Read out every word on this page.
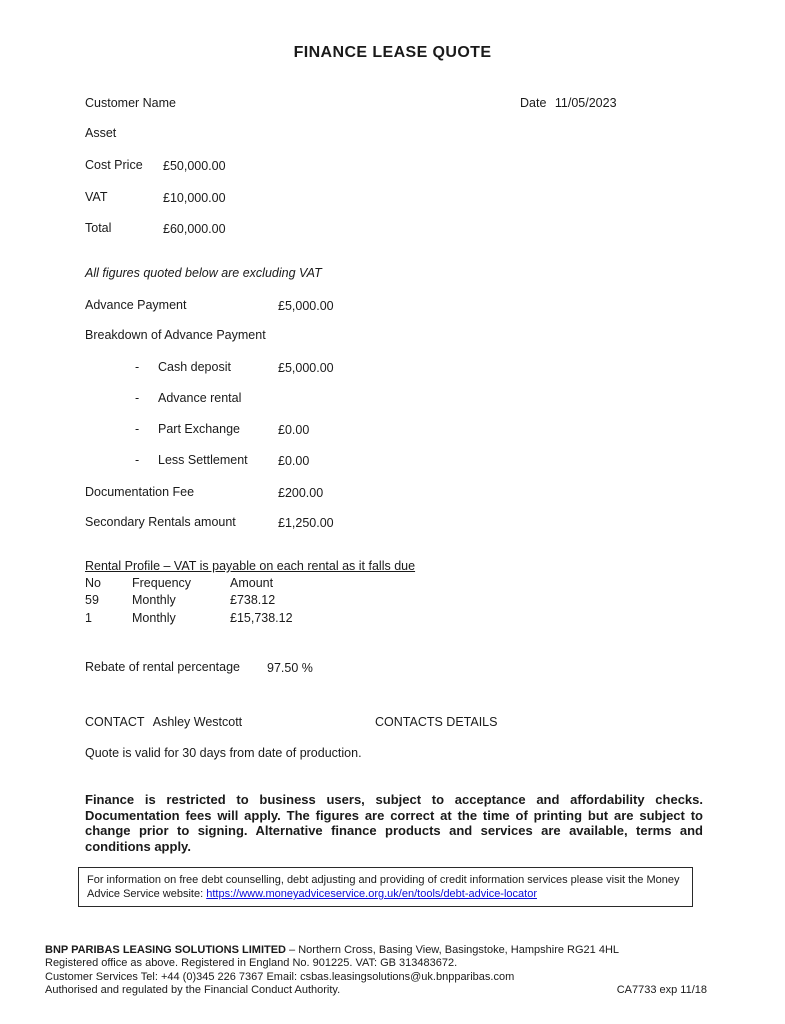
FINANCE LEASE QUOTE
Customer Name	Date 11/05/2023
Asset
Cost Price £50,000.00
VAT	£10,000.00
Total	£60,000.00
All figures quoted below are excluding VAT
Advance Payment	£5,000.00
Breakdown of Advance Payment
- Cash deposit	£5,000.00
- Advance rental
- Part Exchange	£0.00
- Less Settlement £0.00
Documentation Fee	£200.00
Secondary Rentals amount	£1,250.00
Rental Profile – VAT is payable on each rental as it falls due
No Frequency	Amount
59	Monthly	£738.12
1	Monthly	£15,738.12
Rebate of rental percentage 97.50 %
CONTACT Ashley Westcott	CONTACTS DETAILS
Quote is valid for 30 days from date of production.
Finance is restricted to business users, subject to acceptance and affordability checks. Documentation fees will apply. The figures are correct at the time of printing but are subject to change prior to signing. Alternative finance products and services are available, terms and conditions apply.
For information on free debt counselling, debt adjusting and providing of credit information services please visit the Money Advice Service website: https://www.moneyadviceservice.org.uk/en/tools/debt-advice-locator
BNP PARIBAS LEASING SOLUTIONS LIMITED – Northern Cross, Basing View, Basingstoke, Hampshire RG21 4HL
Registered office as above. Registered in England No. 901225. VAT: GB 313483672.
Customer Services Tel: +44 (0)345 226 7367 Email: csbas.leasingsolutions@uk.bnpparibas.com
Authorised and regulated by the Financial Conduct Authority.	CA7733 exp 11/18
